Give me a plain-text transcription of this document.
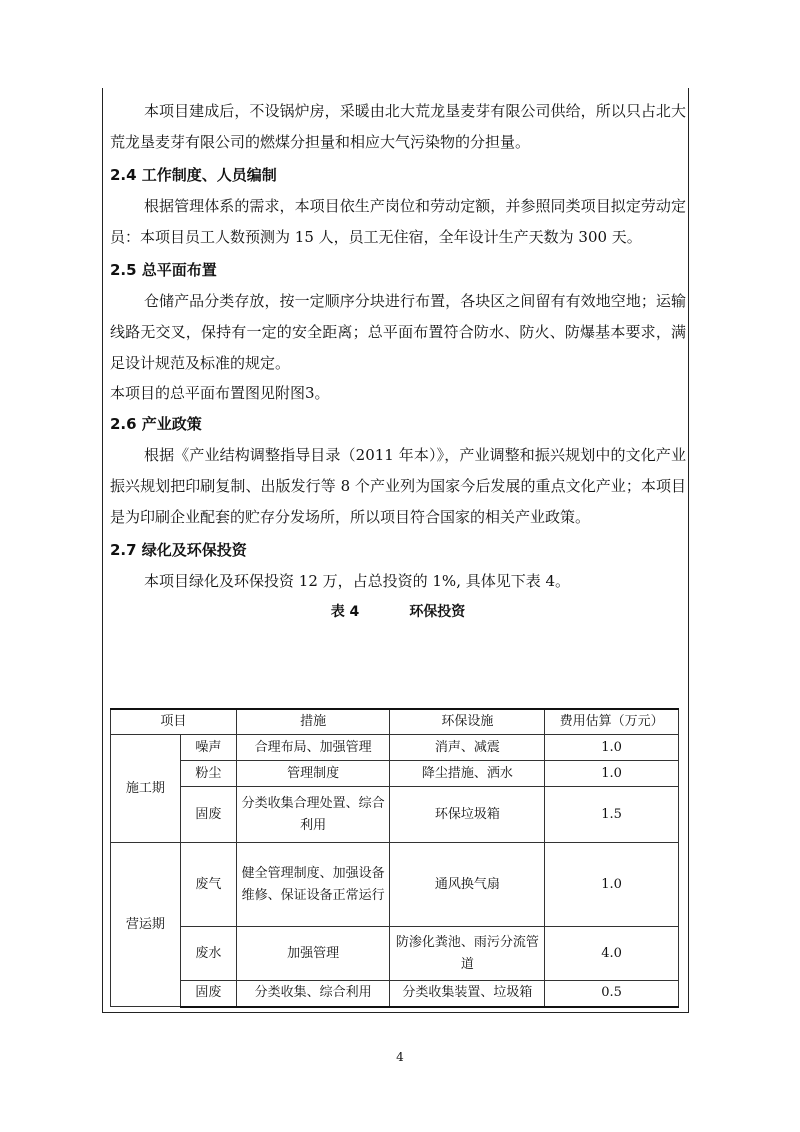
本项目建成后，不设锅炉房，采暖由北大荒龙垦麦芽有限公司供给，所以只占北大荒龙垦麦芽有限公司的燃煤分担量和相应大气污染物的分担量。

2.4 工作制度、人员编制

根据管理体系的需求，本项目依生产岗位和劳动定额，并参照同类项目拟定劳动定员：本项目员工人数预测为 15 人，员工无住宿，全年设计生产天数为 300 天。

2.5 总平面布置

仓储产品分类存放，按一定顺序分块进行布置，各块区之间留有有效地空地；运输线路无交叉，保持有一定的安全距离；总平面布置符合防水、防火、防爆基本要求，满足设计规范及标准的规定。

本项目的总平面布置图见附图3。

2.6 产业政策

根据《产业结构调整指导目录（2011 年本）》，产业调整和振兴规划中的文化产业振兴规划把印刷复制、出版发行等 8 个产业列为国家今后发展的重点文化产业；本项目是为印刷企业配套的贮存分发场所，所以项目符合国家的相关产业政策。

2.7 绿化及环保投资

本项目绿化及环保投资 12 万，占总投资的 1%, 具体见下表 4。

表 4	环保投资
项目		措施	环保设施	费用估算（万元）
施工期	噪声	合理布局、加强管理	消声、减震	1.0
	粉尘	管理制度	降尘措施、洒水	1.0
	固废	分类收集合理处置、综合利用	环保垃圾箱	1.5
营运期	废气	健全管理制度、加强设备维修、保证设备正常运行	通风换气扇	1.0
	废水	加强管理	防渗化粪池、雨污分流管道	4.0
	固废	分类收集、综合利用	分类收集装置、垃圾箱	0.5
4
